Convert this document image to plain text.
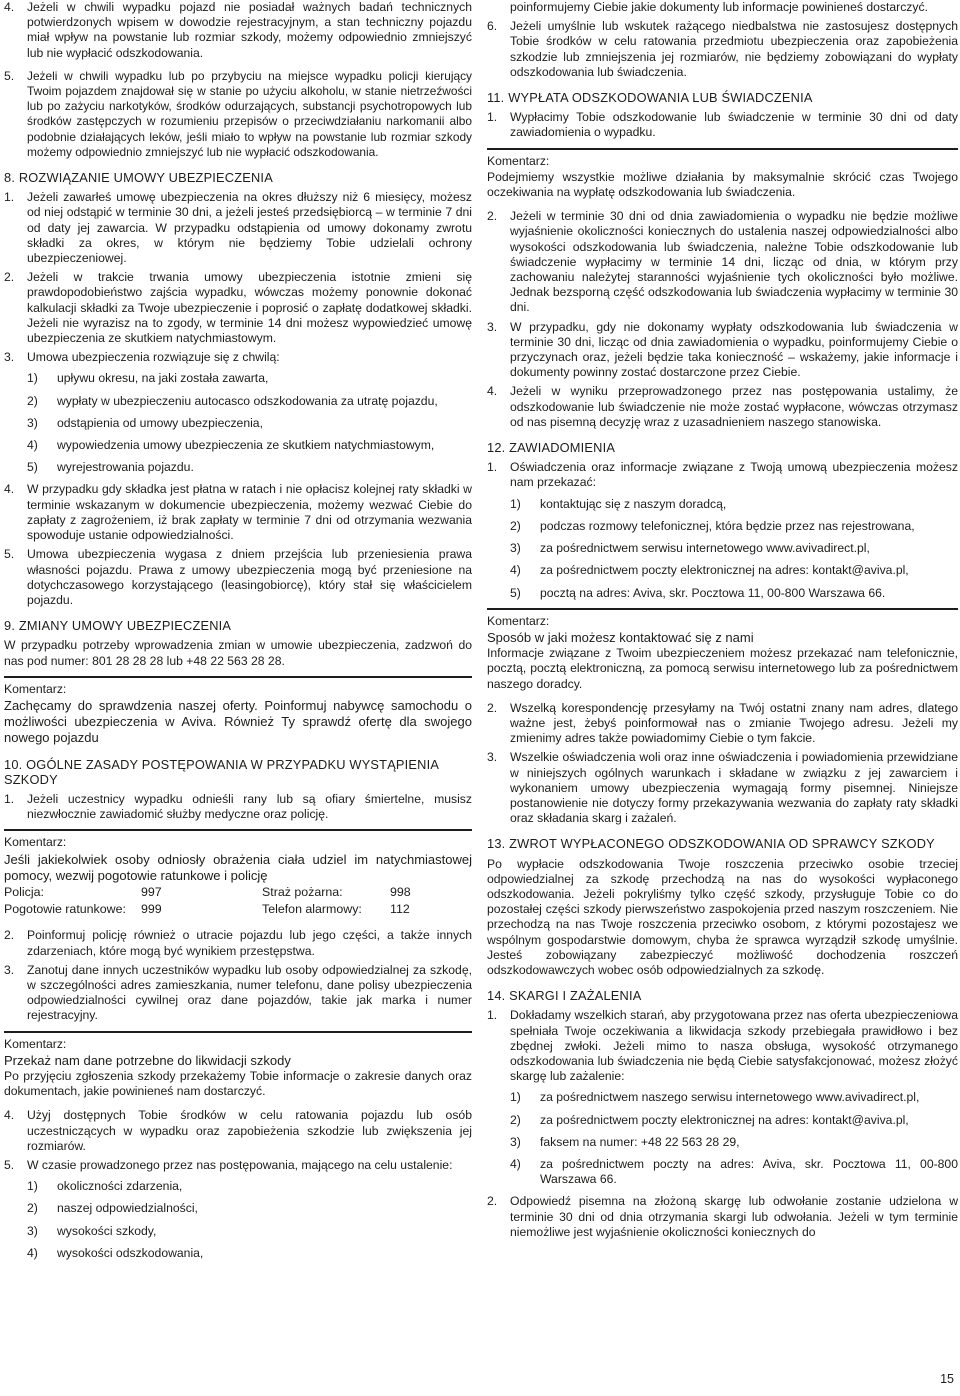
4.	Jeżeli w chwili wypadku pojazd nie posiadał ważnych badań technicznych potwierdzonych wpisem w dowodzie rejestracyjnym, a stan techniczny pojazdu miał wpływ na powstanie lub rozmiar szkody, możemy odpowiednio zmniejszyć lub nie wypłacić odszkodowania.
5.	Jeżeli w chwili wypadku lub po przybyciu na miejsce wypadku policji kierujący Twoim pojazdem znajdował się w stanie po użyciu alkoholu, w stanie nietrzeźwości lub po zażyciu narkotyków, środków odurzających, substancji psychotropowych lub środków zastępczych w rozumieniu przepisów o przeciwdziałaniu narkomanii albo podobnie działających leków, jeśli miało to wpływ na powstanie lub rozmiar szkody możemy odpowiednio zmniejszyć lub nie wypłacić odszkodowania.
8. ROZWIĄZANIE UMOWY UBEZPIECZENIA
1.	Jeżeli zawarłeś umowę ubezpieczenia na okres dłuższy niż 6 miesięcy, możesz od niej odstąpić w terminie 30 dni, a jeżeli jesteś przedsiębiorcą – w terminie 7 dni od daty jej zawarcia. W przypadku odstąpienia od umowy dokonamy zwrotu składki za okres, w którym nie będziemy Tobie udzielali ochrony ubezpieczeniowej.
2.	Jeżeli w trakcie trwania umowy ubezpieczenia istotnie zmieni się prawdopodobieństwo zajścia wypadku, wówczas możemy ponownie dokonać kalkulacji składki za Twoje ubezpieczenie i poprosić o zapłatę dodatkowej składki. Jeżeli nie wyrazisz na to zgody, w terminie 14 dni możesz wypowiedzieć umowę ubezpieczenia ze skutkiem natychmiastowym.
3.	Umowa ubezpieczenia rozwiązuje się z chwilą:
1)	upływu okresu, na jaki została zawarta,
2)	wypłaty w ubezpieczeniu autocasco odszkodowania za utratę pojazdu,
3)	odstąpienia od umowy ubezpieczenia,
4)	wypowiedzenia umowy ubezpieczenia ze skutkiem natychmiastowym,
5)	wyrejestrowania pojazdu.
4.	W przypadku gdy składka jest płatna w ratach i nie opłacisz kolejnej raty składki w terminie wskazanym w dokumencie ubezpieczenia, możemy wezwać Ciebie do zapłaty z zagrożeniem, iż brak zapłaty w terminie 7 dni od otrzymania wezwania spowoduje ustanie odpowiedzialności.
5.	Umowa ubezpieczenia wygasa z dniem przejścia lub przeniesienia prawa własności pojazdu. Prawa z umowy ubezpieczenia mogą być przeniesione na dotychczasowego korzystającego (leasingobiorcę), który stał się właścicielem pojazdu.
9. ZMIANY UMOWY UBEZPIECZENIA

W przypadku potrzeby wprowadzenia zmian w umowie ubezpieczenia, zadzwoń do nas pod numer: 801 28 28 28 lub +48 22 563 28 28.

Komentarz:
Zachęcamy do sprawdzenia naszej oferty. Poinformuj nabywcę samochodu o możliwości ubezpieczenia w Aviva. Również Ty sprawdź ofertę dla swojego nowego pojazdu
10. OGÓLNE ZASADY POSTĘPOWANIA W PRZYPADKU WYSTĄPIENIA SZKODY
1.	Jeżeli uczestnicy wypadku odnieśli rany lub są ofiary śmiertelne, musisz niezwłocznie zawiadomić służby medyczne oraz policję.
Komentarz:
Jeśli jakiekolwiek osoby odniosły obrażenia ciała udziel im natychmiastowej pomocy, wezwij pogotowie ratunkowe i policję
Policja:	997	Straż pożarna:	998
Pogotowie ratunkowe:	999	Telefon alarmowy:	112
2.	Poinformuj policję również o utracie pojazdu lub jego części, a także innych zdarzeniach, które mogą być wynikiem przestępstwa.
3.	Zanotuj dane innych uczestników wypadku lub osoby odpowiedzialnej za szkodę, w szczególności adres zamieszkania, numer telefonu, dane polisy ubezpieczenia odpowiedzialności cywilnej oraz dane pojazdów, takie jak marka i numer rejestracyjny.
Komentarz:
Przekaż nam dane potrzebne do likwidacji szkody
Po przyjęciu zgłoszenia szkody przekażemy Tobie informacje o zakresie danych oraz dokumentach, jakie powinieneś nam dostarczyć.
4.	Użyj dostępnych Tobie środków w celu ratowania pojazdu lub osób uczestniczących w wypadku oraz zapobieżenia szkodzie lub zwiększenia jej rozmiarów.
5.	W czasie prowadzonego przez nas postępowania, mającego na celu ustalenie:
1)	okoliczności zdarzenia,
2)	naszej odpowiedzialności,
3)	wysokości szkody,
4)	wysokości odszkodowania,

poinformujemy Ciebie jakie dokumenty lub informacje powinieneś dostarczyć.

6.	Jeżeli umyślnie lub wskutek rażącego niedbalstwa nie zastosujesz dostępnych Tobie środków w celu ratowania przedmiotu ubezpieczenia oraz zapobieżenia szkodzie lub zmniejszenia jej rozmiarów, nie będziemy zobowiązani do wypłaty odszkodowania lub świadczenia.
11. WYPŁATA ODSZKODOWANIA LUB ŚWIADCZENIA
1.	Wypłacimy Tobie odszkodowanie lub świadczenie w terminie 30 dni od daty zawiadomienia o wypadku.
Komentarz:
Podejmiemy wszystkie możliwe działania by maksymalnie skrócić czas Twojego oczekiwania na wypłatę odszkodowania lub świadczenia.
2.	Jeżeli w terminie 30 dni od dnia zawiadomienia o wypadku nie będzie możliwe wyjaśnienie okoliczności koniecznych do ustalenia naszej odpowiedzialności albo wysokości odszkodowania lub świadczenia, należne Tobie odszkodowanie lub świadczenie wypłacimy w terminie 14 dni, licząc od dnia, w którym przy zachowaniu należytej staranności wyjaśnienie tych okoliczności było możliwe. Jednak bezsporną część odszkodowania lub świadczenia wypłacimy w terminie 30 dni.
3.	W przypadku, gdy nie dokonamy wypłaty odszkodowania lub świadczenia w terminie 30 dni, licząc od dnia zawiadomienia o wypadku, poinformujemy Ciebie o przyczynach oraz, jeżeli będzie taka konieczność – wskażemy, jakie informacje i dokumenty powinny zostać dostarczone przez Ciebie.
4.	Jeżeli w wyniku przeprowadzonego przez nas postępowania ustalimy, że odszkodowanie lub świadczenie nie może zostać wypłacone, wówczas otrzymasz od nas pisemną decyzję wraz z uzasadnieniem naszego stanowiska.
12. ZAWIADOMIENIA
1.	Oświadczenia oraz informacje związane z Twoją umową ubezpieczenia możesz nam przekazać:
1)	kontaktując się z naszym doradcą,
2)	podczas rozmowy telefonicznej, która będzie przez nas rejestrowana,
3)	za pośrednictwem serwisu internetowego www.avivadirect.pl,
4)	za pośrednictwem poczty elektronicznej na adres: kontakt@aviva.pl,
5)	pocztą na adres: Aviva, skr. Pocztowa 11, 00-800 Warszawa 66.
Komentarz:
Sposób w jaki możesz kontaktować się z nami
Informacje związane z Twoim ubezpieczeniem możesz przekazać nam telefonicznie, pocztą, pocztą elektroniczną, za pomocą serwisu internetowego lub za pośrednictwem naszego doradcy.
2.	Wszelką korespondencję przesyłamy na Twój ostatni znany nam adres, dlatego ważne jest, żebyś poinformował nas o zmianie Twojego adresu. Jeżeli my zmienimy adres także powiadomimy Ciebie o tym fakcie.
3.	Wszelkie oświadczenia woli oraz inne oświadczenia i powiadomienia przewidziane w niniejszych ogólnych warunkach i składane w związku z jej zawarciem i wykonaniem umowy ubezpieczenia wymagają formy pisemnej. Niniejsze postanowienie nie dotyczy formy przekazywania wezwania do zapłaty raty składki oraz składania skarg i zażaleń.
13. ZWROT WYPŁACONEGO ODSZKODOWANIA OD SPRAWCY SZKODY

Po wypłacie odszkodowania Twoje roszczenia przeciwko osobie trzeciej odpowiedzialnej za szkodę przechodzą na nas do wysokości wypłaconego odszkodowania. Jeżeli pokryliśmy tylko część szkody, przysługuje Tobie co do pozostałej części szkody pierwszeństwo zaspokojenia przed naszym roszczeniem. Nie przechodzą na nas Twoje roszczenia przeciwko osobom, z którymi pozostajesz we wspólnym gospodarstwie domowym, chyba że sprawca wyrządził szkodę umyślnie. Jesteś zobowiązany zabezpieczyć możliwość dochodzenia roszczeń odszkodowawczych wobec osób odpowiedzialnych za szkodę.

14. SKARGI I ZAŻALENIA
1.	Dokładamy wszelkich starań, aby przygotowana przez nas oferta ubezpieczeniowa spełniała Twoje oczekiwania a likwidacja szkody przebiegała prawidłowo i bez zbędnej zwłoki. Jeżeli mimo to nasza obsługa, wysokość otrzymanego odszkodowania lub świadczenia nie będą Ciebie satysfakcjonować, możesz złożyć skargę lub zażalenie:
1)	za pośrednictwem naszego serwisu internetowego www.avivadirect.pl,
2)	za pośrednictwem poczty elektronicznej na adres: kontakt@aviva.pl,
3)	faksem na numer: +48 22 563 28 29,
4)	za pośrednictwem poczty na adres: Aviva, skr. Pocztowa 11, 00-800 Warszawa 66.
2.	Odpowiedź pisemna na złożoną skargę lub odwołanie zostanie udzielona w terminie 30 dni od dnia otrzymania skargi lub odwołania. Jeżeli w tym terminie niemożliwe jest wyjaśnienie okoliczności koniecznych do
15
